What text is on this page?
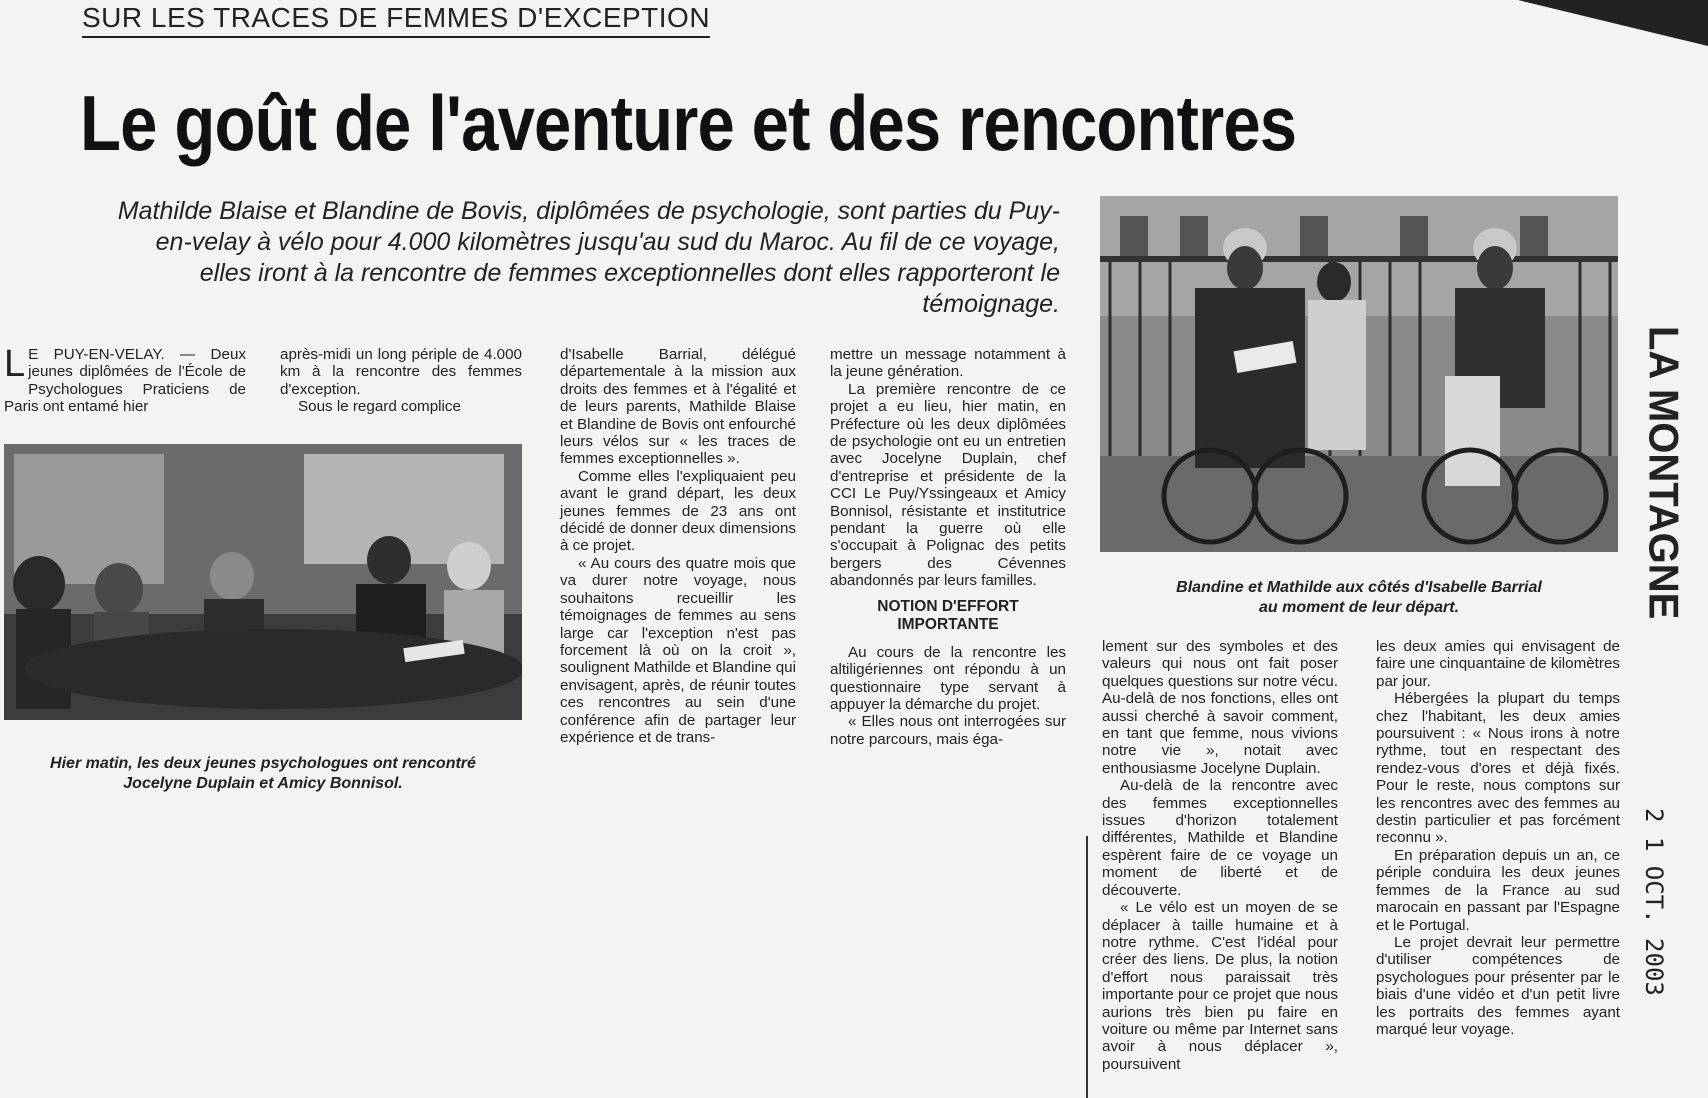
SUR LES TRACES DE FEMMES D'EXCEPTION
Le goût de l'aventure et des rencontres
Mathilde Blaise et Blandine de Bovis, diplômées de psychologie, sont parties du Puy-en-velay à vélo pour 4.000 kilomètres jusqu'au sud du Maroc. Au fil de ce voyage, elles iront à la rencontre de femmes exceptionnelles dont elles rapporteront le témoignage.

L E PUY-EN-VELAY. — Deux jeunes diplômées de l'École de Psychologues Praticiens de Paris ont entamé hier

après-midi un long périple de 4.000 km à la rencontre des femmes d'exception.

Sous le regard complice

Hier matin, les deux jeunes psychologues ont rencontré
Jocelyne Duplain et Amicy Bonnisol.

d'Isabelle Barrial, délégué départementale à la mission aux droits des femmes et à l'égalité et de leurs parents, Mathilde Blaise et Blandine de Bovis ont enfourché leurs vélos sur « les traces de femmes exceptionnelles ».

Comme elles l'expliquaient peu avant le grand départ, les deux jeunes femmes de 23 ans ont décidé de donner deux dimensions à ce projet.

« Au cours des quatre mois que va durer notre voyage, nous souhaitons recueillir les témoignages de femmes au sens large car l'exception n'est pas forcement là où on la croit », soulignent Mathilde et Blandine qui envisagent, après, de réunir toutes ces rencontres au sein d'une conférence afin de partager leur expérience et de trans-

mettre un message notamment à la jeune génération.

La première rencontre de ce projet a eu lieu, hier matin, en Préfecture où les deux diplômées de psychologie ont eu un entretien avec Jocelyne Duplain, chef d'entreprise et présidente de la CCI Le Puy/Yssingeaux et Amicy Bonnisol, résistante et institutrice pendant la guerre où elle s'occupait à Polignac des petits bergers des Cévennes abandonnés par leurs familles.

NOTION D'EFFORT IMPORTANTE

Au cours de la rencontre les altiligériennes ont répondu à un questionnaire type servant à appuyer la démarche du projet.

« Elles nous ont interrogées sur notre parcours, mais éga-

Blandine et Mathilde aux côtés d'Isabelle Barrial
au moment de leur départ.

lement sur des symboles et des valeurs qui nous ont fait poser quelques questions sur notre vécu. Au-delà de nos fonctions, elles ont aussi cherché à savoir comment, en tant que femme, nous vivions notre vie », notait avec enthousiasme Jocelyne Duplain.

Au-delà de la rencontre avec des femmes exceptionnelles issues d'horizon totalement différentes, Mathilde et Blandine espèrent faire de ce voyage un moment de liberté et de découverte.

« Le vélo est un moyen de se déplacer à taille humaine et à notre rythme. C'est l'idéal pour créer des liens. De plus, la notion d'effort nous paraissait très importante pour ce projet que nous aurions très bien pu faire en voiture ou même par Internet sans avoir à nous déplacer », poursuivent

les deux amies qui envisagent de faire une cinquantaine de kilomètres par jour.

Hébergées la plupart du temps chez l'habitant, les deux amies poursuivent : « Nous irons à notre rythme, tout en respectant des rendez-vous d'ores et déjà fixés. Pour le reste, nous comptons sur les rencontres avec des femmes au destin particulier et pas forcément reconnu ».

En préparation depuis un an, ce périple conduira les deux jeunes femmes de la France au sud marocain en passant par l'Espagne et le Portugal.

Le projet devrait leur permettre d'utiliser compétences de psychologues pour présenter par le biais d'une vidéo et d'un petit livre les portraits des femmes ayant marqué leur voyage.

LA MONTAGNE
2 1 OCT. 2003
